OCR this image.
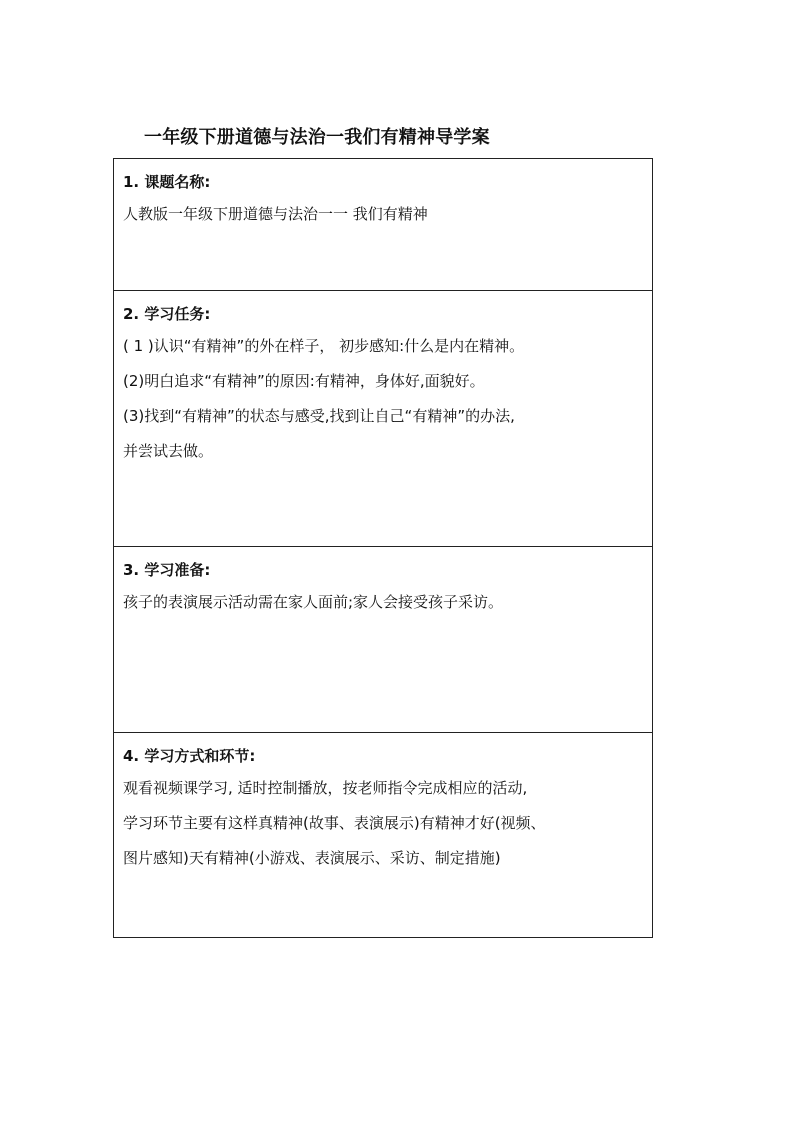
一年级下册道德与法治一我们有精神导学案
1. 课题名称:
人教版一年级下册道德与法治一一 我们有精神
2. 学习任务:
( 1 )认识“有精神”的外在样子， 初步感知:什么是内在精神。
(2)明白追求“有精神”的原因:有精神，身体好,面貌好。
(3)找到“有精神”的状态与感受,找到让自己“有精神”的办法,
并尝试去做。
3. 学习准备:
孩子的表演展示活动需在家人面前;家人会接受孩子采访。
4. 学习方式和环节:
观看视频课学习, 适时控制播放，按老师指令完成相应的活动,
学习环节主要有这样真精神(故事、表演展示)有精神才好(视频、
图片感知)天有精神(小游戏、表演展示、采访、制定措施)
